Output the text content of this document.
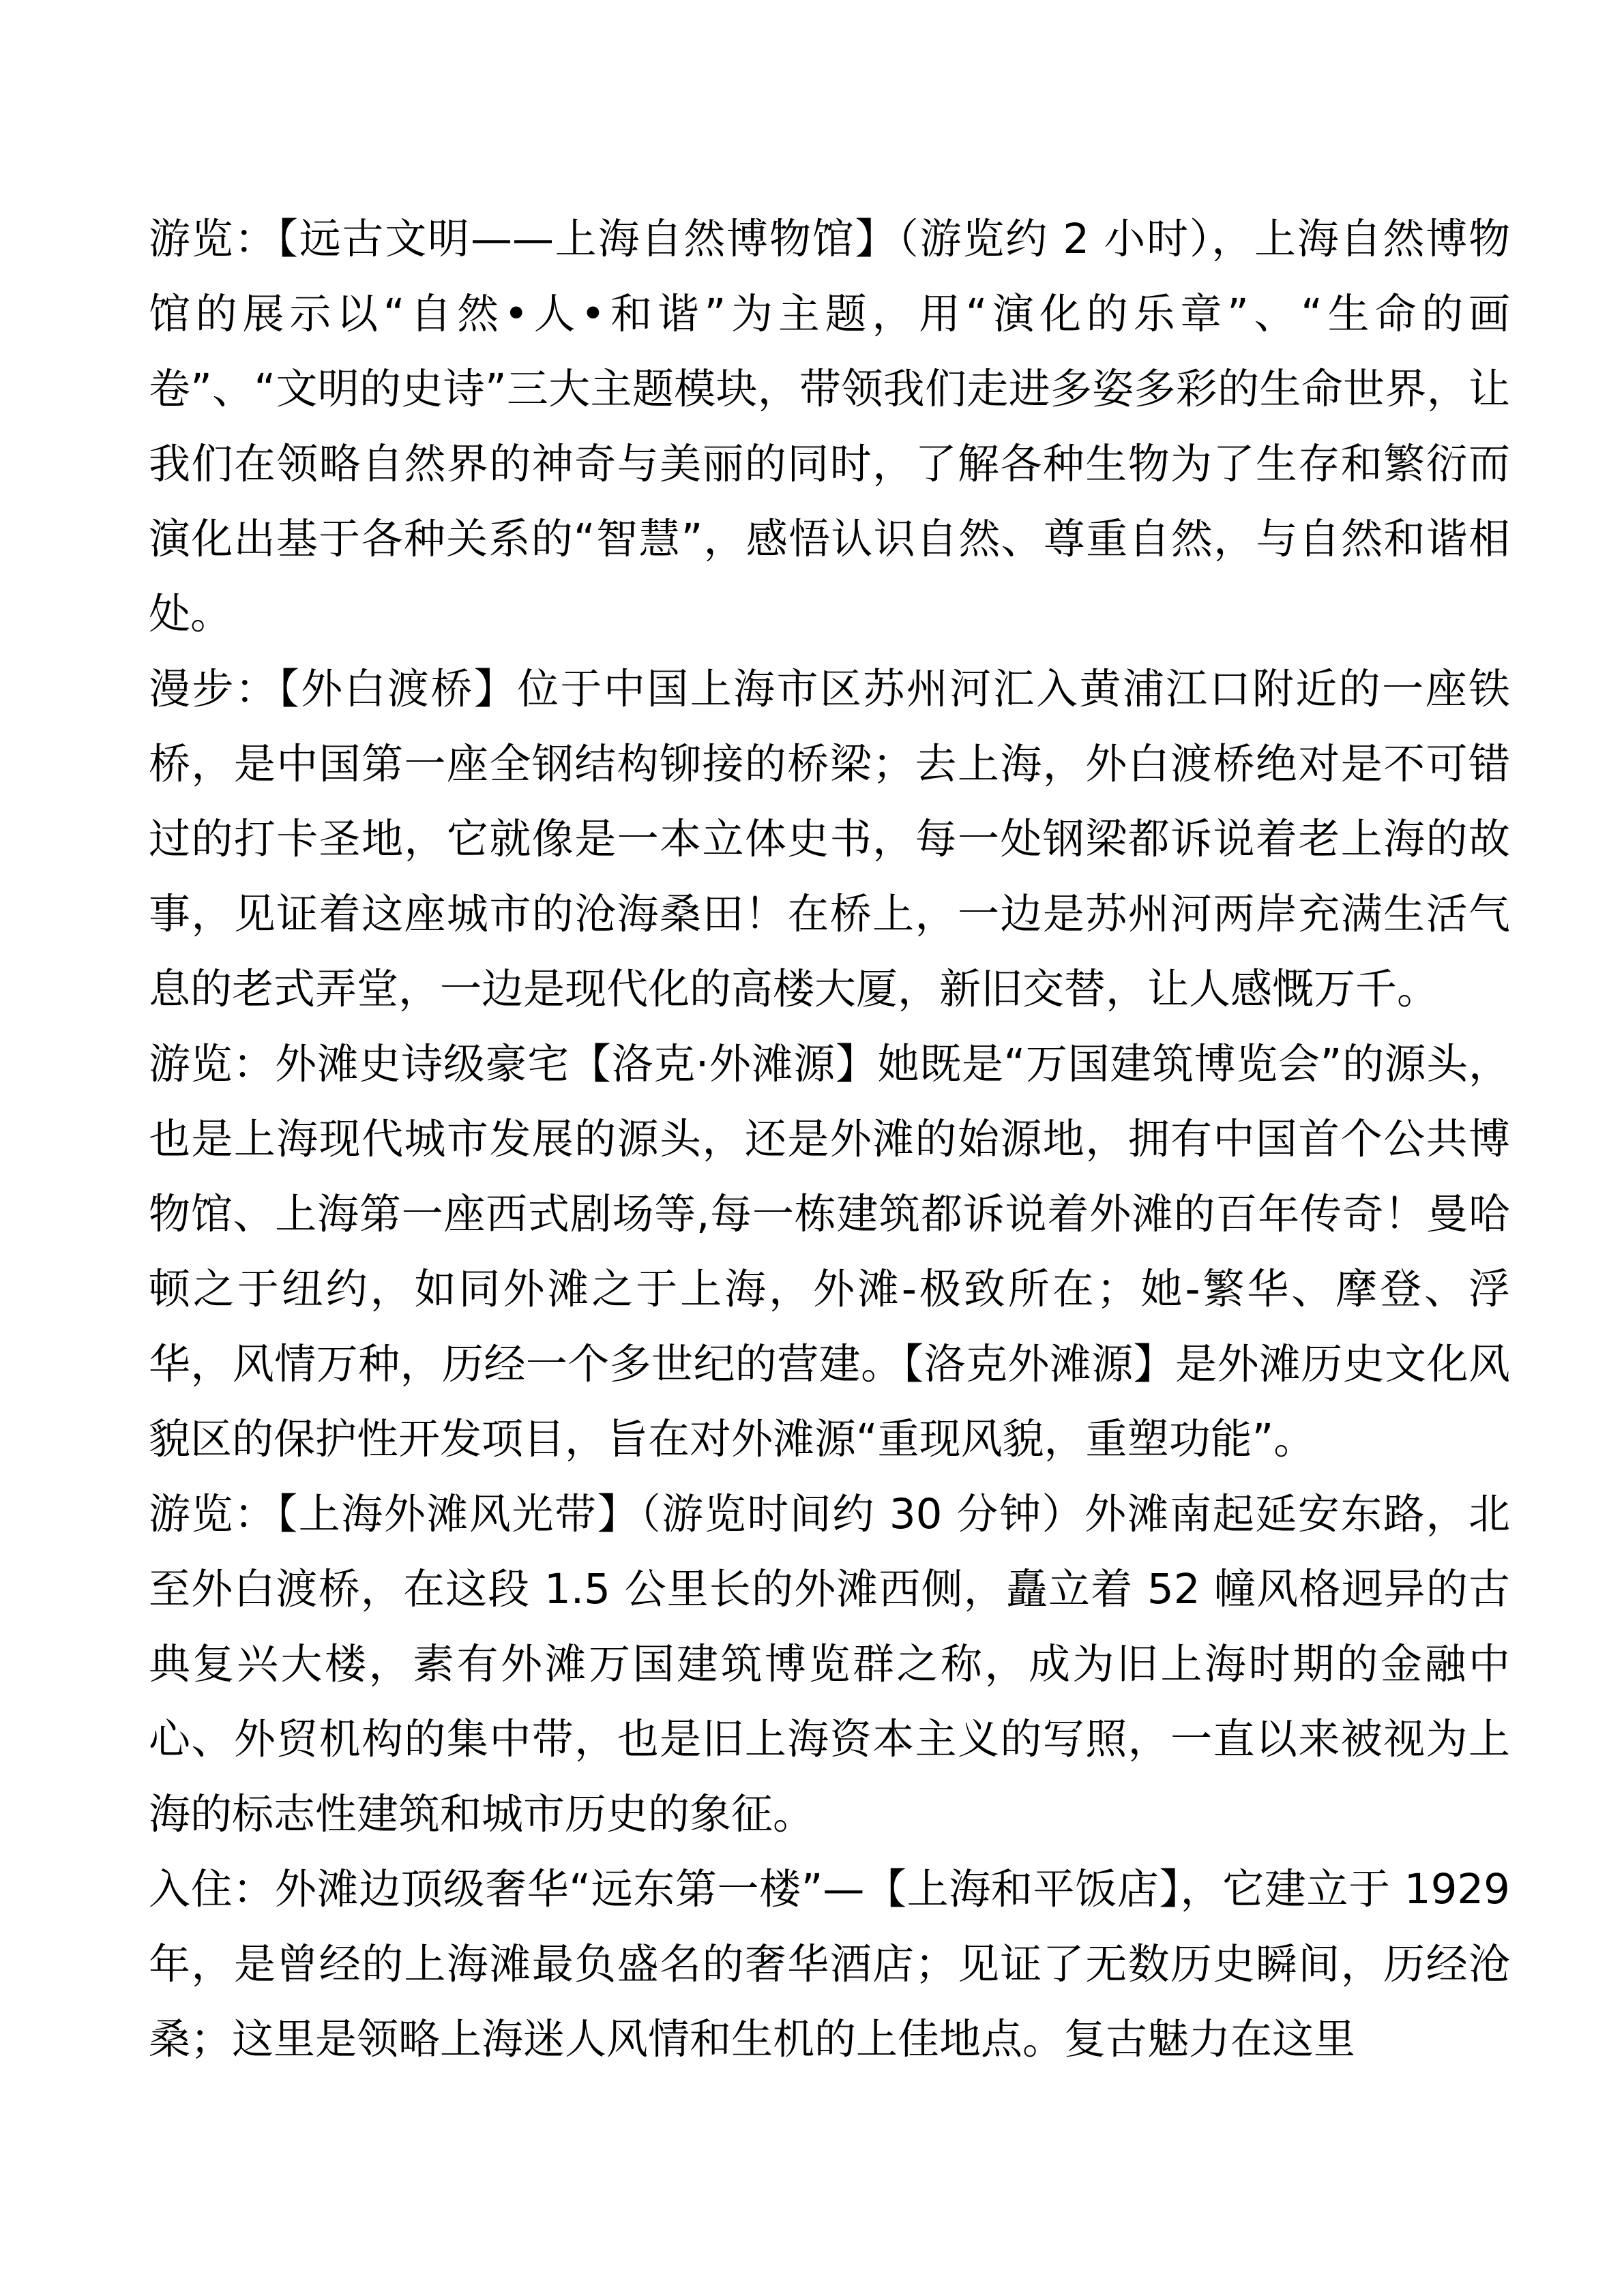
游览：【远古文明——上海自然博物馆】（游览约 2 小时），上海自然博物馆的展示以“自然•人•和谐”为主题，用“演化的乐章”、“生命的画卷”、“文明的史诗”三大主题模块，带领我们走进多姿多彩的生命世界，让我们在领略自然界的神奇与美丽的同时，了解各种生物为了生存和繁衍而演化出基于各种关系的“智慧”，感悟认识自然、尊重自然，与自然和谐相处。

漫步：【外白渡桥】位于中国上海市区苏州河汇入黄浦江口附近的一座铁桥，是中国第一座全钢结构铆接的桥梁；去上海，外白渡桥绝对是不可错过的打卡圣地，它就像是一本立体史书，每一处钢梁都诉说着老上海的故事，见证着这座城市的沧海桑田！在桥上，一边是苏州河两岸充满生活气息的老式弄堂，一边是现代化的高楼大厦，新旧交替，让人感慨万千。

游览：外滩史诗级豪宅【洛克·外滩源】她既是“万国建筑博览会”的源头，也是上海现代城市发展的源头，还是外滩的始源地，拥有中国首个公共博物馆、上海第一座西式剧场等,每一栋建筑都诉说着外滩的百年传奇！曼哈顿之于纽约，如同外滩之于上海，外滩-极致所在；她-繁华、摩登、浮华，风情万种，历经一个多世纪的营建。【洛克外滩源】是外滩历史文化风貌区的保护性开发项目，旨在对外滩源“重现风貌，重塑功能”。

游览：【上海外滩风光带】（游览时间约 30 分钟）外滩南起延安东路，北至外白渡桥，在这段 1.5 公里长的外滩西侧，矗立着 52 幢风格迥异的古典复兴大楼，素有外滩万国建筑博览群之称，成为旧上海时期的金融中心、外贸机构的集中带，也是旧上海资本主义的写照，一直以来被视为上海的标志性建筑和城市历史的象征。

入住：外滩边顶级奢华“远东第一楼”—【上海和平饭店】，它建立于 1929 年，是曾经的上海滩最负盛名的奢华酒店；见证了无数历史瞬间，历经沧桑；这里是领略上海迷人风情和生机的上佳地点。复古魅力在这里
